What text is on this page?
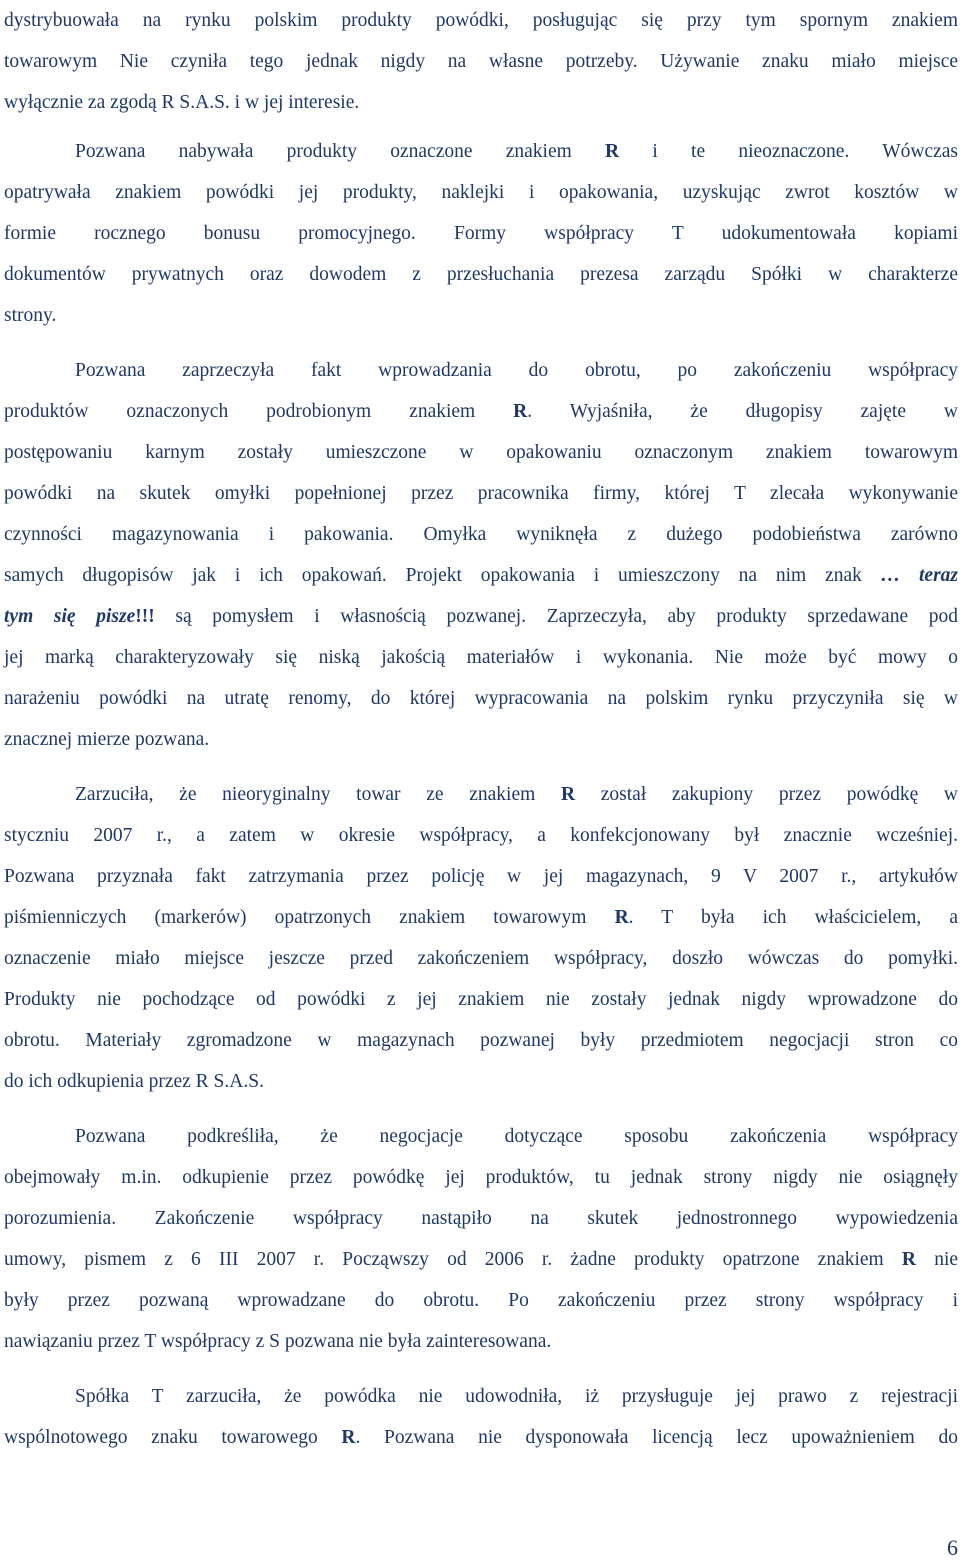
dystrybuowała na rynku polskim produkty powódki, posługując się przy tym spornym znakiem
towarowym Nie czyniła tego jednak nigdy na własne potrzeby. Używanie znaku miało miejsce
wyłącznie za zgodą R S.A.S. i w jej interesie.
Pozwana nabywała produkty oznaczone znakiem R i te nieoznaczone. Wówczas
opatrywała znakiem powódki jej produkty, naklejki i opakowania, uzyskując zwrot kosztów w
formie rocznego bonusu promocyjnego. Formy współpracy T udokumentowała kopiami
dokumentów prywatnych oraz dowodem z przesłuchania prezesa zarządu Spółki w charakterze
strony.
Pozwana zaprzeczyła fakt wprowadzania do obrotu, po zakończeniu współpracy
produktów oznaczonych podrobionym znakiem R. Wyjaśniła, że długopisy zajęte w
postępowaniu karnym zostały umieszczone w opakowaniu oznaczonym znakiem towarowym
powódki na skutek omyłki popełnionej przez pracownika firmy, której T zlecała wykonywanie
czynności magazynowania i pakowania. Omyłka wyniknęła z dużego podobieństwa zarówno
samych długopisów jak i ich opakowań. Projekt opakowania i umieszczony na nim znak … teraz
tym się pisze!!! są pomysłem i własnością pozwanej. Zaprzeczyła, aby produkty sprzedawane pod
jej marką charakteryzowały się niską jakością materiałów i wykonania. Nie może być mowy o
narażeniu powódki na utratę renomy, do której wypracowania na polskim rynku przyczyniła się w
znacznej mierze pozwana.
Zarzuciła, że nieoryginalny towar ze znakiem R został zakupiony przez powódkę w
styczniu 2007 r., a zatem w okresie współpracy, a konfekcjonowany był znacznie wcześniej.
Pozwana przyznała fakt zatrzymania przez policję w jej magazynach, 9 V 2007 r., artykułów
piśmienniczych (markerów) opatrzonych znakiem towarowym R. T była ich właścicielem, a
oznaczenie miało miejsce jeszcze przed zakończeniem współpracy, doszło wówczas do pomyłki.
Produkty nie pochodzące od powódki z jej znakiem nie zostały jednak nigdy wprowadzone do
obrotu. Materiały zgromadzone w magazynach pozwanej były przedmiotem negocjacji stron co
do ich odkupienia przez R S.A.S.
Pozwana podkreśliła, że negocjacje dotyczące sposobu zakończenia współpracy
obejmowały m.in. odkupienie przez powódkę jej produktów, tu jednak strony nigdy nie osiągnęły
porozumienia. Zakończenie współpracy nastąpiło na skutek jednostronnego wypowiedzenia
umowy, pismem z 6 III 2007 r. Począwszy od 2006 r. żadne produkty opatrzone znakiem R nie
były przez pozwaną wprowadzane do obrotu. Po zakończeniu przez strony współpracy i
nawiązaniu przez T współpracy z S pozwana nie była zainteresowana.
Spółka T zarzuciła, że powódka nie udowodniła, iż przysługuje jej prawo z rejestracji
wspólnotowego znaku towarowego R. Pozwana nie dysponowała licencją lecz upoważnieniem do
6
